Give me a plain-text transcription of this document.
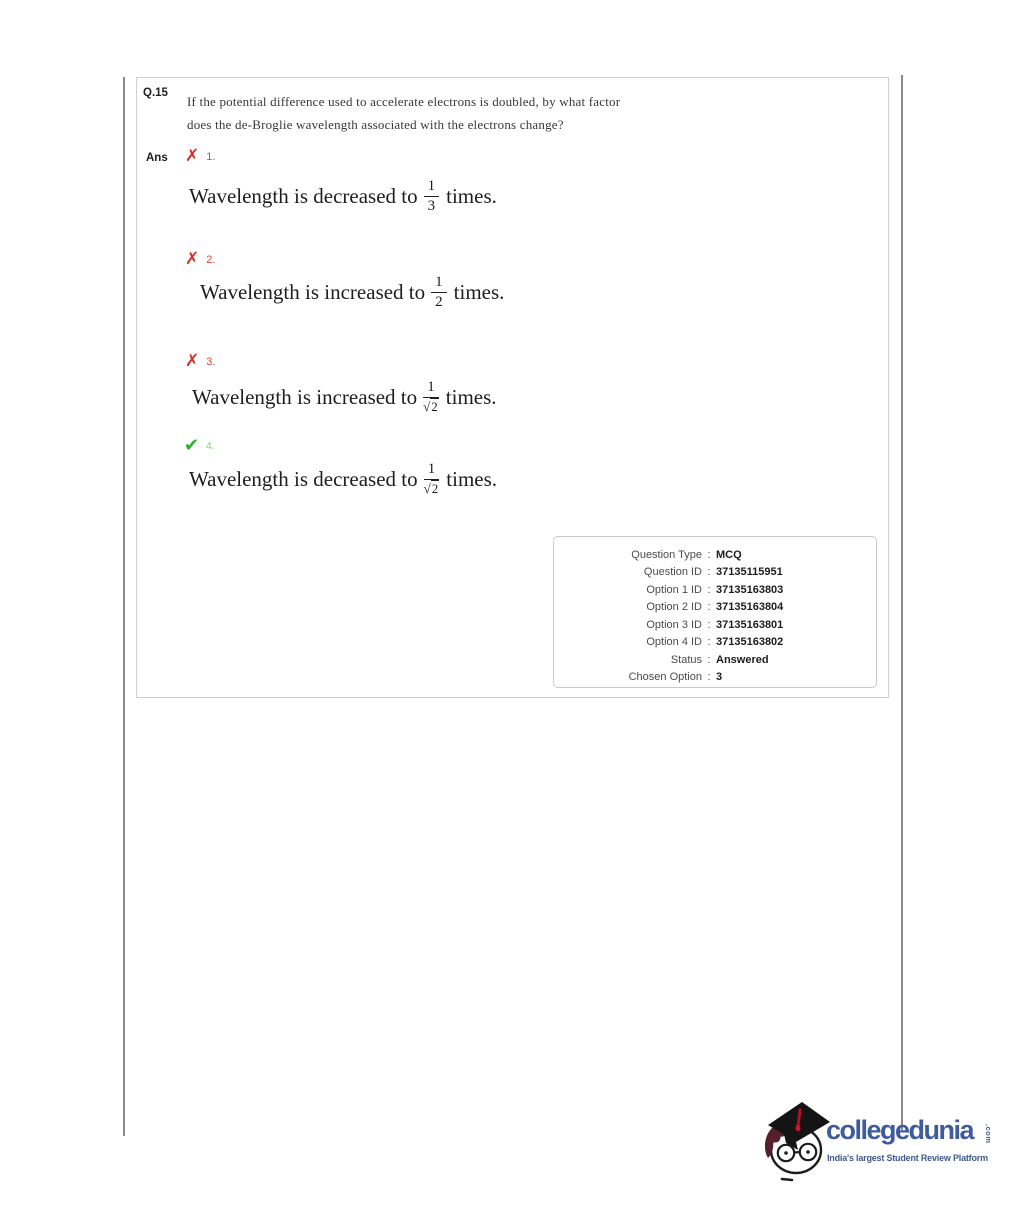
Q.15
If the potential difference used to accelerate electrons is doubled, by what factor
does the de-Broglie wavelength associated with the electrons change?
Ans ✗ 1.
Wavelength is decreased to $\frac{1}{3}$ times.
✗ 2.
Wavelength is increased to $\frac{1}{2}$ times.
✗ 3.
Wavelength is increased to $\frac{1}{√2}$ times.
✔ 4.
Wavelength is decreased to $\frac{1}{√2}$ times.
Question Type : MCQ
Question ID : 37135115951
Option 1 ID : 37135163803
Option 2 ID : 37135163804
Option 3 ID : 37135163801
Option 4 ID : 37135163802
Status : Answered
Chosen Option : 3
collegedunia .com
India's largest Student Review Platform
